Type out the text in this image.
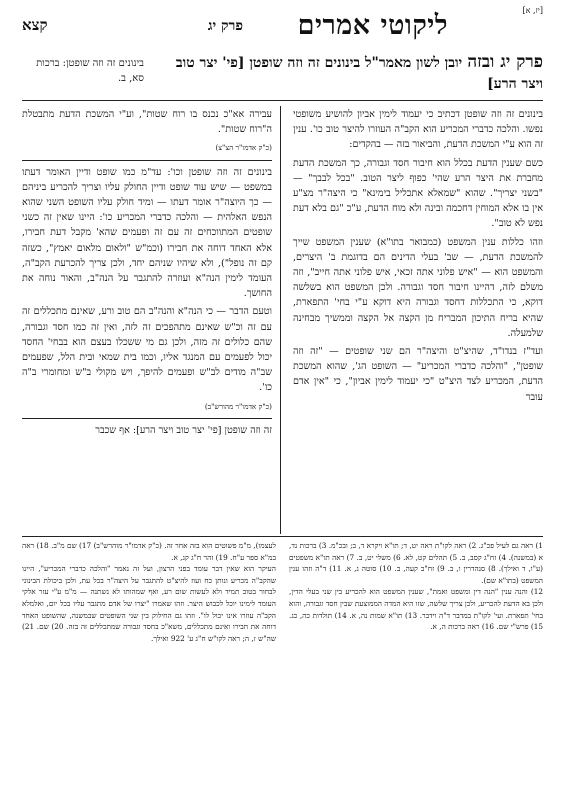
[יז, א]
ליקוטי אמרים
פרק יג
קצא
פרק יג ובזה יובן לשון מאמר"ל בינונים זה וזה שופטן [פי' יצר טוב ויצר הרע]
בינונים זה וזה שופטן: ברכות סא, ב.

בינונים זה וזה שופטן דכתיב כי יעמוד לימין אביון להושיע משופטי נפשו. והלכה כדברי המכריע הוא הקב"ה העוזרו להיצר טוב כו'. ענין זה הוא ע"י המשכת הדעת, והביאור בזה — בהקדים:

כשם שענין הדעת בכלל הוא חיבור חסד וגבורה, כך המשכת הדעת מחברת את היצר הרע שהי' כפוף ליצר הטוב. "בכל לבבך" — "בשני יצריך". שהוא "שמאלא אתכליל בימינא" כי היצה"ר מצ"ע אין בו אלא המוחין דחכמה ובינה ולא מוח הדעת, ע"כ "גם בלא דעת נפש לא טוב".

וזהו כללות ענין המשפט (כמבואר בתו"א) שענין המשפט שייך להמשכת הדעת, — שב' בעלי הדינים הם בדוגמת ב' היצרים, והמשפט הוא — "איש פלוני אתה זכאי, איש פלוני אתה חייב", וזה משלם לזה, דהיינו חיבור חסד וגבורה. ולכן המשפט הוא בשלשה דוקא, כי התכללות דחסד וגבורה היא דוקא ע"י בחי' התפארת, שהיא בריח התיכון המבריח מן הקצה אל הקצה וממשיך מבחינה שלמעלה.

ועד"ז בנדו"ד, שהיצ"ט והיצה"ר הם שני שופטים — "זה וזה שופטן", "והלכה כדברי המכריע" — השופט הג', שהוא המשכת הדעת, המכריע לצד היצ"ט "כי יעמוד לימין אביון", כי "אין אדם עובר

עבירה אא"כ נכנס בו רוח שטות", וע"י המשכת הדעת מתבטלת ה"רוח שטות".

(כ"ק אדמו"ר הצ"צ)

בינונים זה וזה שופטן וכו': עד"מ כמו שופט ודיין האומר דעתו במשפט — שיש עוד שופט ודיין החולק עליו וצריך להכריע ביניהם — כך היוצה"ר אומר דעתו — ומיד חולק עליו השופט השני שהוא הנפש האלהית — והלכה כדברי המכריע כו': היינו שאין זה כשני שופטים המתווכחים זה עם זה ופעמים שהא' מקבל דעת חבירו, אלא האחד דוחה את חבירו (וכמ"ש "ולאום מלאום יאמץ", כשזה קם זה נופל"), ולא שיהיו שניהם יחד, ולכן צריך להכרעת הקב"ה, העומד לימין הנה"א ועוזרה להתגבר על הנה"ב, והאור נוחה את החושך.

וטעם הדבר — כי הנה"א והנה"ב הם טוב ורע, שאינם מתכללים זה עם זה וכ"ש שאינם מתהפכים זה לזה, ואין זה כמו חסד וגבורה, שהם כלולים זה מזה, ולכן גם מי ששכלו בעצם הוא בבחי' החסד יכול לפעמים עם המנגד אליו, וכמו בית שמאי ובית הלל, שפעמים שב"ה מודים לב"ש ופעמים להיפך, ויש מקולי ב"ש ומחומרי ב"ה כו'.

(כ"ק אדמו"ר מהורש"ב)

זה וזה שופטן [פי' יצר טוב ויצר הרע]: אף שכבר

1) ראה גם לעיל פכ"ג. 2) ראה לקו"ת ראה יט, ד; תו"א ויקרא ד, ב; ובכ"מ. 3) ברכות נד, א (במשנה). 4) זח"ג קסב, ב. 5) תהלים קט, לא. 6) משלי יט, ב. 7) ראה תו"א משפטים (ע"ו, ד ואילך). 8) סנהדרין ו, ב. 9) זח"ב קעה, ב. 10) סוטה ג, א. 11) ד"ה וזהו ענין המשפט (בתו"א שם).

12) והנה ענין "הנה דין ומשפט ואמת", שענין המשפט הוא להכריע בין שני בעלי הדין, ולכן בא הדעת להכריע, ולכן צריך שלשה, שזו היא המדה הממוצעת שבין חסד וגבורה, והוא בחי' תפארת. ועי' לקו"ת במדבר ד"ה וידבר. 13) תו"א שמות נה, א. 14) תולדות כה, כג. 15) פרש"י שם. 16) ראה ברכות ה, א.

לעצמו), מ"מ פשוטים הוא בזה אחר זה. (כ"ק אדמו"ר מוהרש"ב) 17) שם מ"ב. 18) ראה במ"א ספר ע"ח. 19) זהר ח"ג קג, א.

העיקר הוא שאין דבר עומד בפני הרצון, ועל זה נאמר "והלכה כדברי המכריע", היינו שהקב"ה מכריע ונותן כח ועוז להיצ"ט להתגבר על היצה"ר בכל עת, ולכן ביכולת הבינוני לבחור בטוב תמיד ולא לעשות שום רע, ואף שמהותו לא נשתנה — מ"מ ע"י עזר אלקי העומד לימינו יוכל לכבוש היצר. וזהו שאמרו "יצרו של אדם מתגבר עליו בכל יום, ואלמלא הקב"ה עוזרו אינו יכול לו". וזהו גם החילוק בין שני השופטים שבמשנה, שהשופט האחד דוחה את חבירו ואינם מתכללים, משא"כ בחסד וגבורה שמתכללים זה בזה. 20) שם. 21) שה"ש ז, ה; ראה לקו"ש ח"ג ע' 922 ואילך.
